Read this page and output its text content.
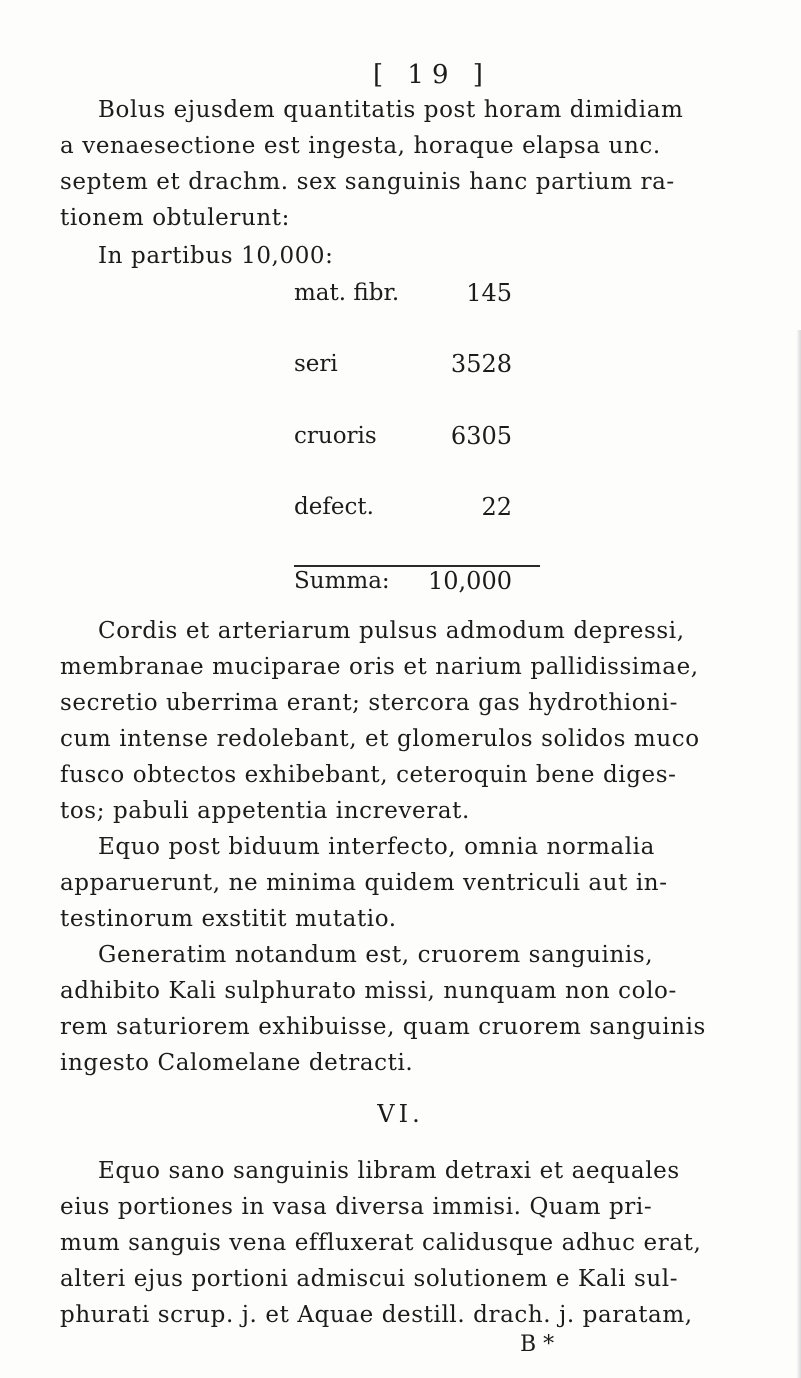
[ 19 ]
Bolus ejusdem quantitatis post horam dimidiam
a venaesectione est ingesta, horaque elapsa unc.
septem et drachm. sex sanguinis hanc partium ra-
tionem obtulerunt:
In partibus 10,000:
mat. fibr.	145
seri	3528
cruoris	6305
defect.	22
Summa:	10,000
Cordis et arteriarum pulsus admodum depressi,
membranae muciparae oris et narium pallidissimae,
secretio uberrima erant; stercora gas hydrothioni-
cum intense redolebant, et glomerulos solidos muco
fusco obtectos exhibebant, ceteroquin bene diges-
tos; pabuli appetentia increverat.
Equo post biduum interfecto, omnia normalia
apparuerunt, ne minima quidem ventriculi aut in-
testinorum exstitit mutatio.
Generatim notandum est, cruorem sanguinis,
adhibito Kali sulphurato missi, nunquam non colo-
rem saturiorem exhibuisse, quam cruorem sanguinis
ingesto Calomelane detracti.
VI.
Equo sano sanguinis libram detraxi et aequales
eius portiones in vasa diversa immisi. Quam pri-
mum sanguis vena effluxerat calidusque adhuc erat,
alteri ejus portioni admiscui solutionem e Kali sul-
phurati scrup. j. et Aquae destill. drach. j. paratam,
B *
